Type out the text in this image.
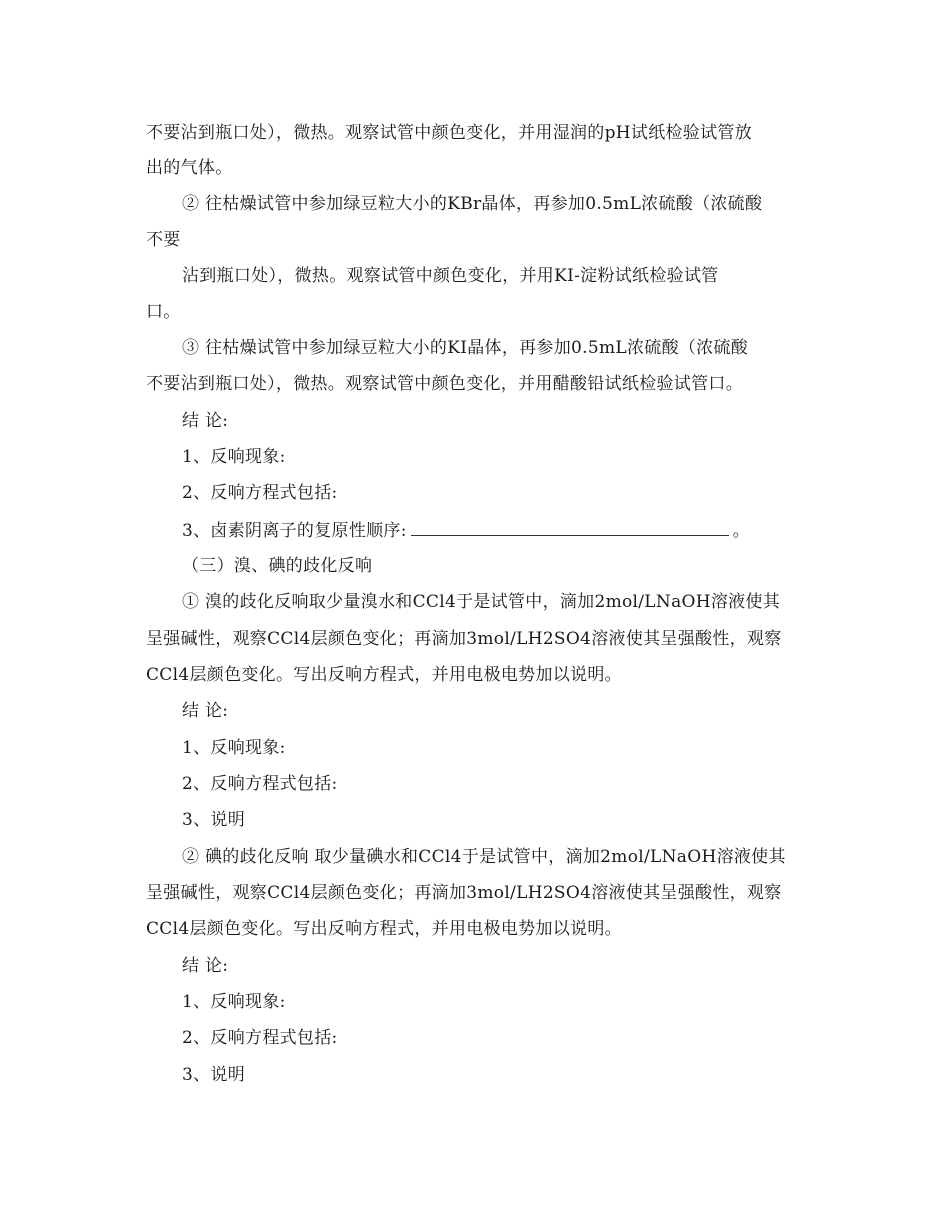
不要沾到瓶口处），微热。观察试管中颜色变化，并用湿润的pH试纸检验试管放
出的气体。
② 往枯燥试管中参加绿豆粒大小的KBr晶体，再参加0.5mL浓硫酸（浓硫酸
不要
沾到瓶口处），微热。观察试管中颜色变化，并用KI-淀粉试纸检验试管
口。
③ 往枯燥试管中参加绿豆粒大小的KI晶体，再参加0.5mL浓硫酸（浓硫酸
不要沾到瓶口处），微热。观察试管中颜色变化，并用醋酸铅试纸检验试管口。
结 论:
1、反响现象:
2、反响方程式包括:
3、卤素阴离子的复原性顺序:	。
（三）溴、碘的歧化反响
① 溴的歧化反响取少量溴水和CCl4于是试管中，滴加2mol/LNaOH溶液使其
呈强碱性，观察CCl4层颜色变化；再滴加3mol/LH2SO4溶液使其呈强酸性，观察
CCl4层颜色变化。写出反响方程式，并用电极电势加以说明。
结 论:
1、反响现象:
2、反响方程式包括:
3、说明
② 碘的歧化反响 取少量碘水和CCl4于是试管中，滴加2mol/LNaOH溶液使其
呈强碱性，观察CCl4层颜色变化；再滴加3mol/LH2SO4溶液使其呈强酸性，观察
CCl4层颜色变化。写出反响方程式，并用电极电势加以说明。
结 论:
1、反响现象:
2、反响方程式包括:
3、说明
